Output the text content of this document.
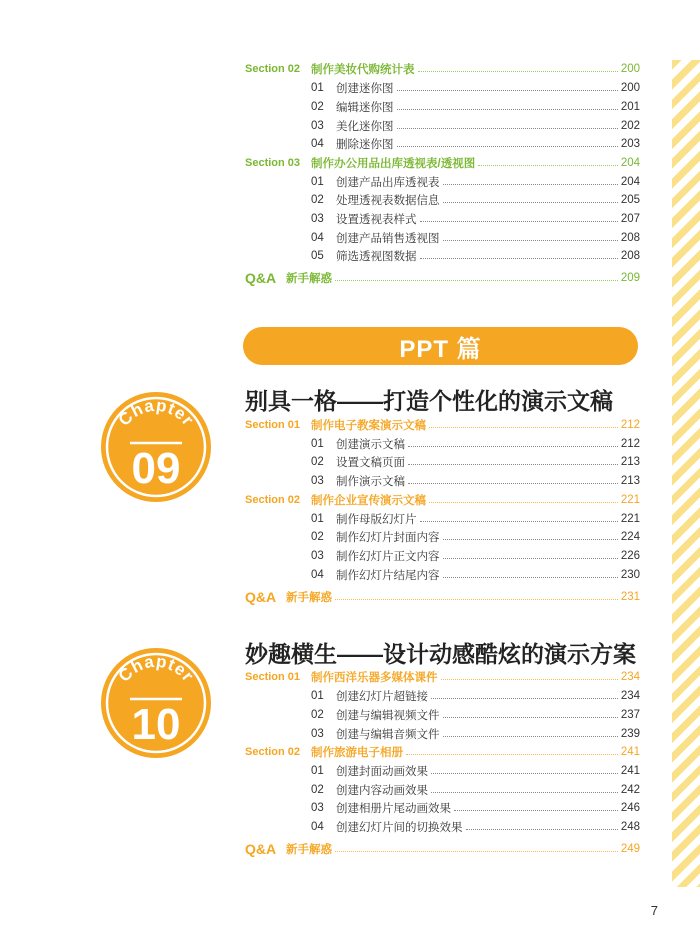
Section 02 制作美妆代购统计表	200
01	创建迷你图	200
02	编辑迷你图	201
03	美化迷你图	202
04	删除迷你图	203
Section 03 制作办公用品出库透视表/透视图	204
01	创建产品出库透视表	204
02	处理透视表数据信息	205
03	设置透视表样式	207
04	创建产品销售透视图	208
05	筛选透视图数据	208
Q&A 新手解惑	209
PPT 篇
Chapter
09
别具一格——打造个性化的演示文稿
Section 01 制作电子教案演示文稿	212
01	创建演示文稿	212
02	设置文稿页面	213
03	制作演示文稿	213
Section 02 制作企业宣传演示文稿	221
01	制作母版幻灯片	221
02	制作幻灯片封面内容	224
03	制作幻灯片正文内容	226
04	制作幻灯片结尾内容	230
Q&A 新手解惑	231
Chapter
10
妙趣横生——设计动感酷炫的演示方案
Section 01 制作西洋乐器多媒体课件	234
01	创建幻灯片超链接	234
02	创建与编辑视频文件	237
03	创建与编辑音频文件	239
Section 02 制作旅游电子相册	241
01	创建封面动画效果	241
02	创建内容动画效果	242
03	创建相册片尾动画效果	246
04	创建幻灯片间的切换效果	248
Q&A 新手解惑	249
7
